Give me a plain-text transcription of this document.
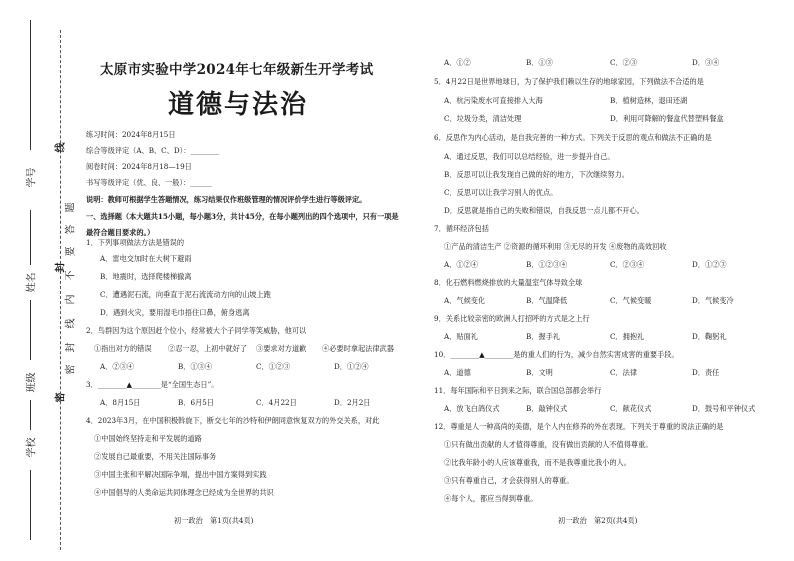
学号
姓名
班级
学校
线
封
密
题
答
要
不
内
线
封
密
太原市实验中学2024年七年级新生开学考试
道德与法治
练习时间：2024年8月15日
综合等级评定（A、B、C、D）：________
阅卷时间：2024年8月18—19日
书写等级评定（优、良、一般）：______
说明：教师可根据学生答题情况，练习结果仅作班级管理的情况评价学生进行等级评定。
一、选择题（本大题共15小题，每小题3分，共计45分，在每小题列出的四个选项中，只有一项是
最符合题目要求的。）
1．下列事项做法方法是错误的
A．雷电交加时在大树下避雨
B．地震时，选择爬楼梯撤离
C．遭遇泥石流，向垂直于泥石流流动方向的山坡上跑
D．遇到火灾，要用湿毛巾捂住口鼻，俯身逃离
2．鸟群因为这个原因赶个位小，经常被大个子同学等笑威胁，他可以
①指出对方的错误 ②忍一忍，上初中就好了 ③要求对方道歉 ④必要时拿起法律武器
A．②③④	B．①③④	C．①②③	D．①②④
3．________▲________是“全国生态日”。
A．8月15日	B．6月5日	C．4月22日	D．2月2日
4．2023年3月，在中国积极斡旋下，断交七年的沙特和伊朗同意恢复双方的外交关系，对此
①中国始终坚持走和平发展的道路
②发展自己最重要，不用关注国际事务
③中国主张和平解决国际争端，提出中国方案得到实践
④中国倡导的人类命运共同体理念已经成为全世界的共识
初一政治　第1页(共4页)
A．①②	B．①③	C．②③	D．③④
5．4月22日是世界地球日，为了保护我们赖以生存的地球家园，下列做法不合适的是
A．杭污染废水可直接排入大海	B．植树造林，退田还湖
C．垃圾分类，清洁处理	D．利用可降解的餐盒代替塑料餐盒
6．反思作为内心活动，是自我完善的一种方式。下列关于反思的观点和做法不正确的是
A．通过反思，我们可以总结经验，进一步提升自己。
B．反思可以让我发现自己做的好的地方，下次继续努力。
C．反思可以让我学习别人的优点。
D．反思就是指自己的失败和错误，自我反思一点儿都不开心。
7．循环经济包括
①产品的清洁生产 ②资源的循环利用 ③无尽的开发 ④废物的高效回收
A．①②④	B．①②③④	C．②③④	D．①②③
8．化石燃料燃烧排放的大量温室气体导致全球
A．气候变化	B．气温降低	C．气候变暖	D．气候变冷
9．关系比较亲密的欧洲人打招呼的方式是之上行
A．贴面礼	B．握手礼	C．拥抱礼	D．鞠躬礼
10．________▲________是的重人们的行为，减少自然实害成害的重要手段。
A．道德	B．文明	C．法律	D．责任
11．每年国际和平日到来之际，联合国总部都会举行
A．放飞白鸽仪式	B．敲钟仪式	C．献花仪式	D．鼓号和平钟仪式
12．尊重是人一种高尚的美德，是个人内在修养的外在表现。下列关于尊重的说法正确的是
①只有做出贡献的人才值得尊重，没有做出贡献的人不值得尊重。
②比我年龄小的人应该尊重我，而不是我尊重比我小的人。
③只有尊重自己，才会获得别人的尊重。
④每个人，都应当得到尊重。
初一政治　第2页(共4页)
